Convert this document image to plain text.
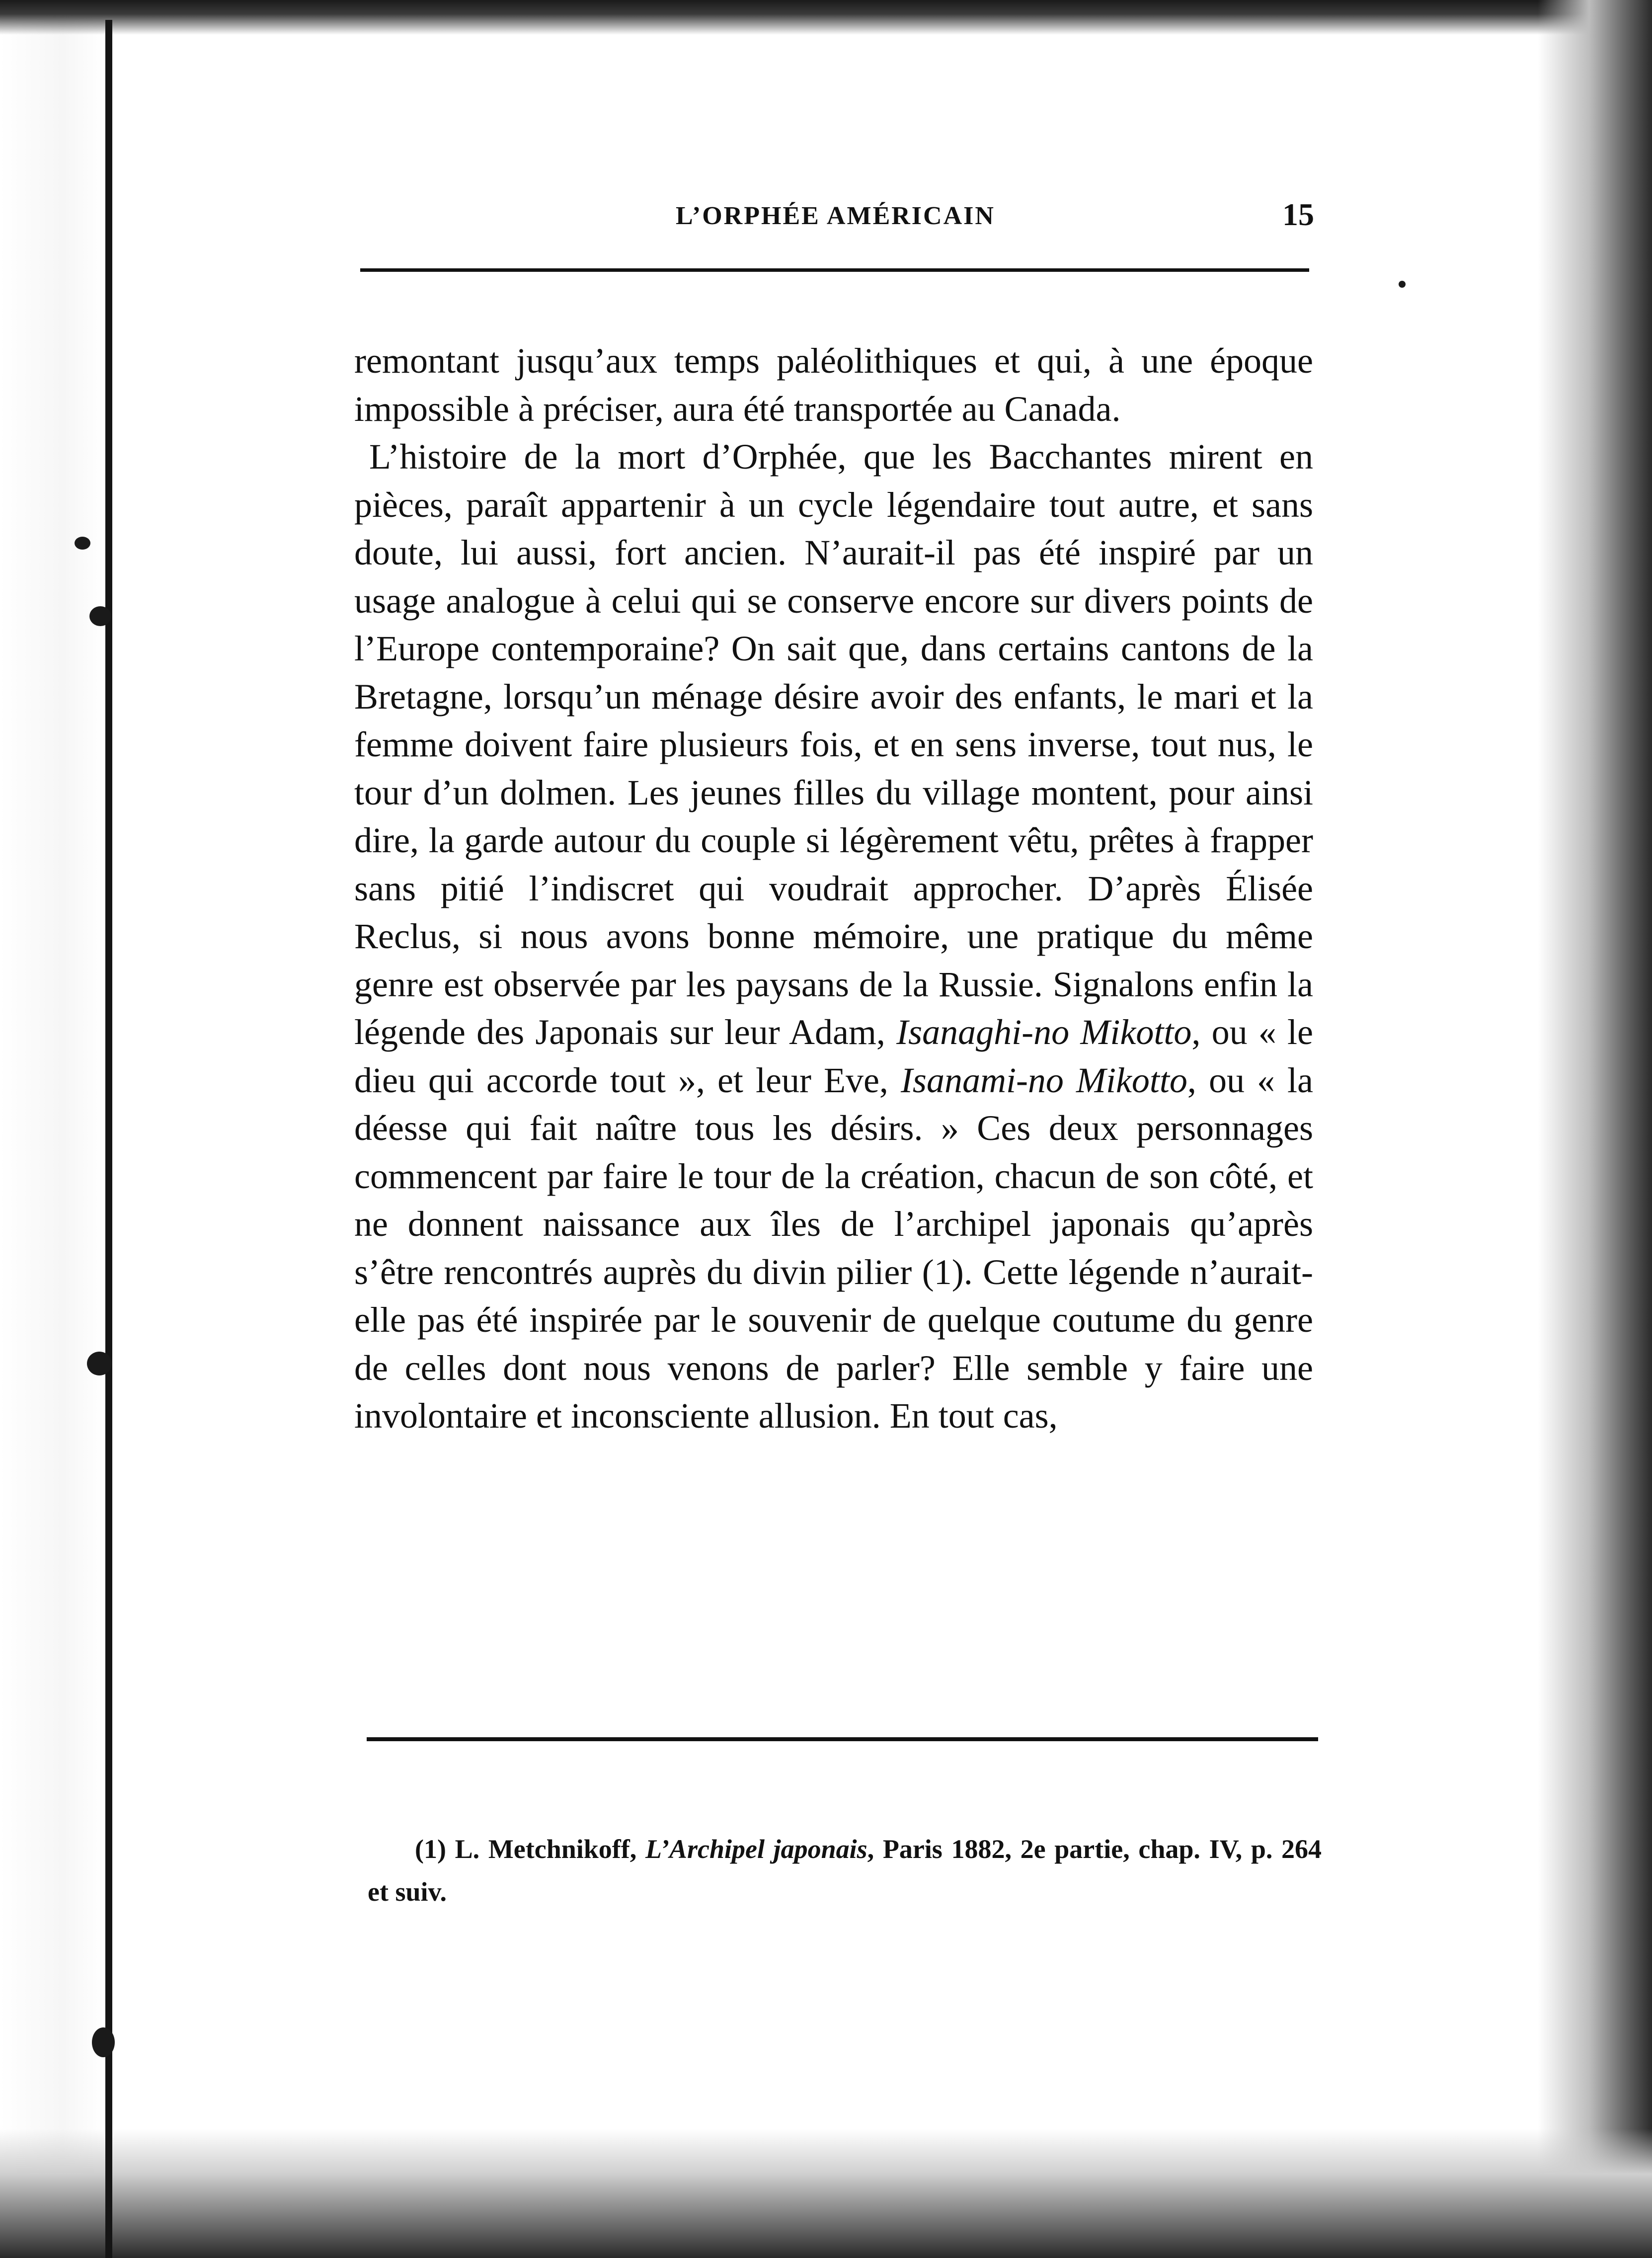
L’ORPHÉE AMÉRICAIN	15

remontant jusqu’aux temps paléolithiques et qui, à une époque impossible à préciser, aura été transportée au Canada.

L’histoire de la mort d’Orphée, que les Bacchantes mirent en pièces, paraît appartenir à un cycle légendaire tout autre, et sans doute, lui aussi, fort ancien. N’aurait-il pas été inspiré par un usage analogue à celui qui se conserve encore sur divers points de l’Europe contemporaine? On sait que, dans certains cantons de la Bretagne, lorsqu’un ménage désire avoir des enfants, le mari et la femme doivent faire plusieurs fois, et en sens inverse, tout nus, le tour d’un dolmen. Les jeunes filles du village montent, pour ainsi dire, la garde autour du couple si légèrement vêtu, prêtes à frapper sans pitié l’indiscret qui voudrait approcher. D’après Élisée Reclus, si nous avons bonne mémoire, une pratique du même genre est observée par les paysans de la Russie. Signalons enfin la légende des Japonais sur leur Adam, Isanaghi-no Mikotto, ou « le dieu qui accorde tout », et leur Eve, Isanami-no Mikotto, ou « la déesse qui fait naître tous les désirs. » Ces deux personnages commencent par faire le tour de la création, chacun de son côté, et ne donnent naissance aux îles de l’archipel japonais qu’après s’être rencontrés auprès du divin pilier (1). Cette légende n’aurait-elle pas été inspirée par le souvenir de quelque coutume du genre de celles dont nous venons de parler? Elle semble y faire une involontaire et inconsciente allusion. En tout cas,

(1) L. Metchnikoff, L’Archipel japonais, Paris 1882, 2e partie, chap. IV, p. 264 et suiv.
